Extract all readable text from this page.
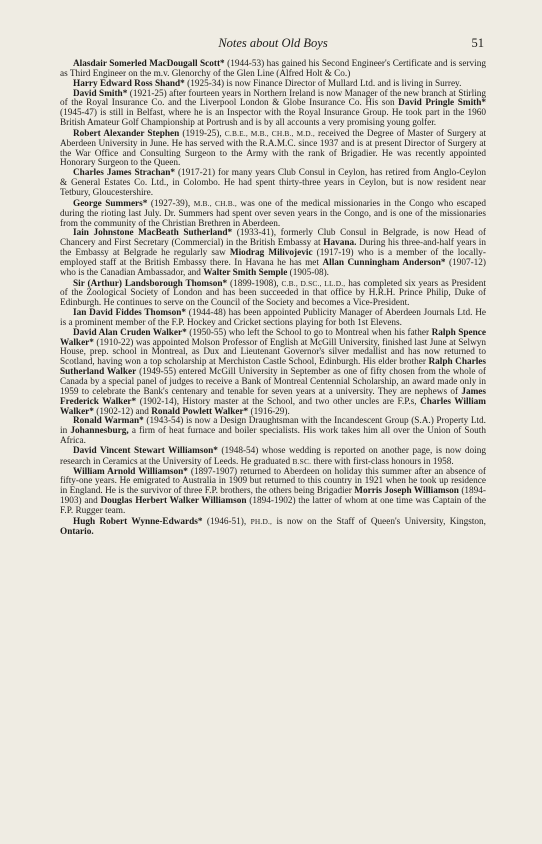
Notes about Old Boys	51

Alasdair Somerled MacDougall Scott* (1944-53) has gained his Second Engineer's Certificate and is serving as Third Engineer on the m.v. Glenorchy of the Glen Line (Alfred Holt & Co.)

Harry Edward Ross Shand* (1925-34) is now Finance Director of Mullard Ltd. and is living in Surrey.

David Smith* (1921-25) after fourteen years in Northern Ireland is now Manager of the new branch at Stirling of the Royal Insurance Co. and the Liverpool London & Globe Insurance Co. His son David Pringle Smith* (1945-47) is still in Belfast, where he is an Inspector with the Royal Insurance Group. He took part in the 1960 British Amateur Golf Championship at Portrush and is by all accounts a very promising young golfer.

Robert Alexander Stephen (1919-25), C.B.E., M.B., CH.B., M.D., received the Degree of Master of Surgery at Aberdeen University in June. He has served with the R.A.M.C. since 1937 and is at present Director of Surgery at the War Office and Consulting Surgeon to the Army with the rank of Brigadier. He was recently appointed Honorary Surgeon to the Queen.

Charles James Strachan* (1917-21) for many years Club Consul in Ceylon, has retired from Anglo-Ceylon & General Estates Co. Ltd., in Colombo. He had spent thirty-three years in Ceylon, but is now resident near Tetbury, Gloucestershire.

George Summers* (1927-39), M.B., CH.B., was one of the medical missionaries in the Congo who escaped during the rioting last July. Dr. Summers had spent over seven years in the Congo, and is one of the missionaries from the community of the Christian Brethren in Aberdeen.

Iain Johnstone MacBeath Sutherland* (1933-41), formerly Club Consul in Belgrade, is now Head of Chancery and First Secretary (Commercial) in the British Embassy at Havana. During his three-and-half years in the Embassy at Belgrade he regularly saw Miodrag Milivojevic (1917-19) who is a member of the locally-employed staff at the British Embassy there. In Havana he has met Allan Cunningham Anderson* (1907-12) who is the Canadian Ambassador, and Walter Smith Semple (1905-08).

Sir (Arthur) Landsborough Thomson* (1899-1908), C.B., D.SC., LL.D., has completed six years as President of the Zoological Society of London and has been succeeded in that office by H.R.H. Prince Philip, Duke of Edinburgh. He continues to serve on the Council of the Society and becomes a Vice-President.

Ian David Fiddes Thomson* (1944-48) has been appointed Publicity Manager of Aberdeen Journals Ltd. He is a prominent member of the F.P. Hockey and Cricket sections playing for both 1st Elevens.

David Alan Cruden Walker* (1950-55) who left the School to go to Montreal when his father Ralph Spence Walker* (1910-22) was appointed Molson Professor of English at McGill University, finished last June at Selwyn House, prep. school in Montreal, as Dux and Lieutenant Governor's silver medallist and has now returned to Scotland, having won a top scholarship at Merchiston Castle School, Edinburgh. His elder brother Ralph Charles Sutherland Walker (1949-55) entered McGill University in September as one of fifty chosen from the whole of Canada by a special panel of judges to receive a Bank of Montreal Centennial Scholarship, an award made only in 1959 to celebrate the Bank's centenary and tenable for seven years at a university. They are nephews of James Frederick Walker* (1902-14), History master at the School, and two other uncles are F.P.s, Charles William Walker* (1902-12) and Ronald Powlett Walker* (1916-29).

Ronald Warman* (1943-54) is now a Design Draughtsman with the Incandescent Group (S.A.) Property Ltd. in Johannesburg, a firm of heat furnace and boiler specialists. His work takes him all over the Union of South Africa.

David Vincent Stewart Williamson* (1948-54) whose wedding is reported on another page, is now doing research in Ceramics at the University of Leeds. He graduated B.SC. there with first-class honours in 1958.

William Arnold Williamson* (1897-1907) returned to Aberdeen on holiday this summer after an absence of fifty-one years. He emigrated to Australia in 1909 but returned to this country in 1921 when he took up residence in England. He is the survivor of three F.P. brothers, the others being Brigadier Morris Joseph Williamson (1894-1903) and Douglas Herbert Walker Williamson (1894-1902) the latter of whom at one time was Captain of the F.P. Rugger team.

Hugh Robert Wynne-Edwards* (1946-51), PH.D., is now on the Staff of Queen's University, Kingston, Ontario.
